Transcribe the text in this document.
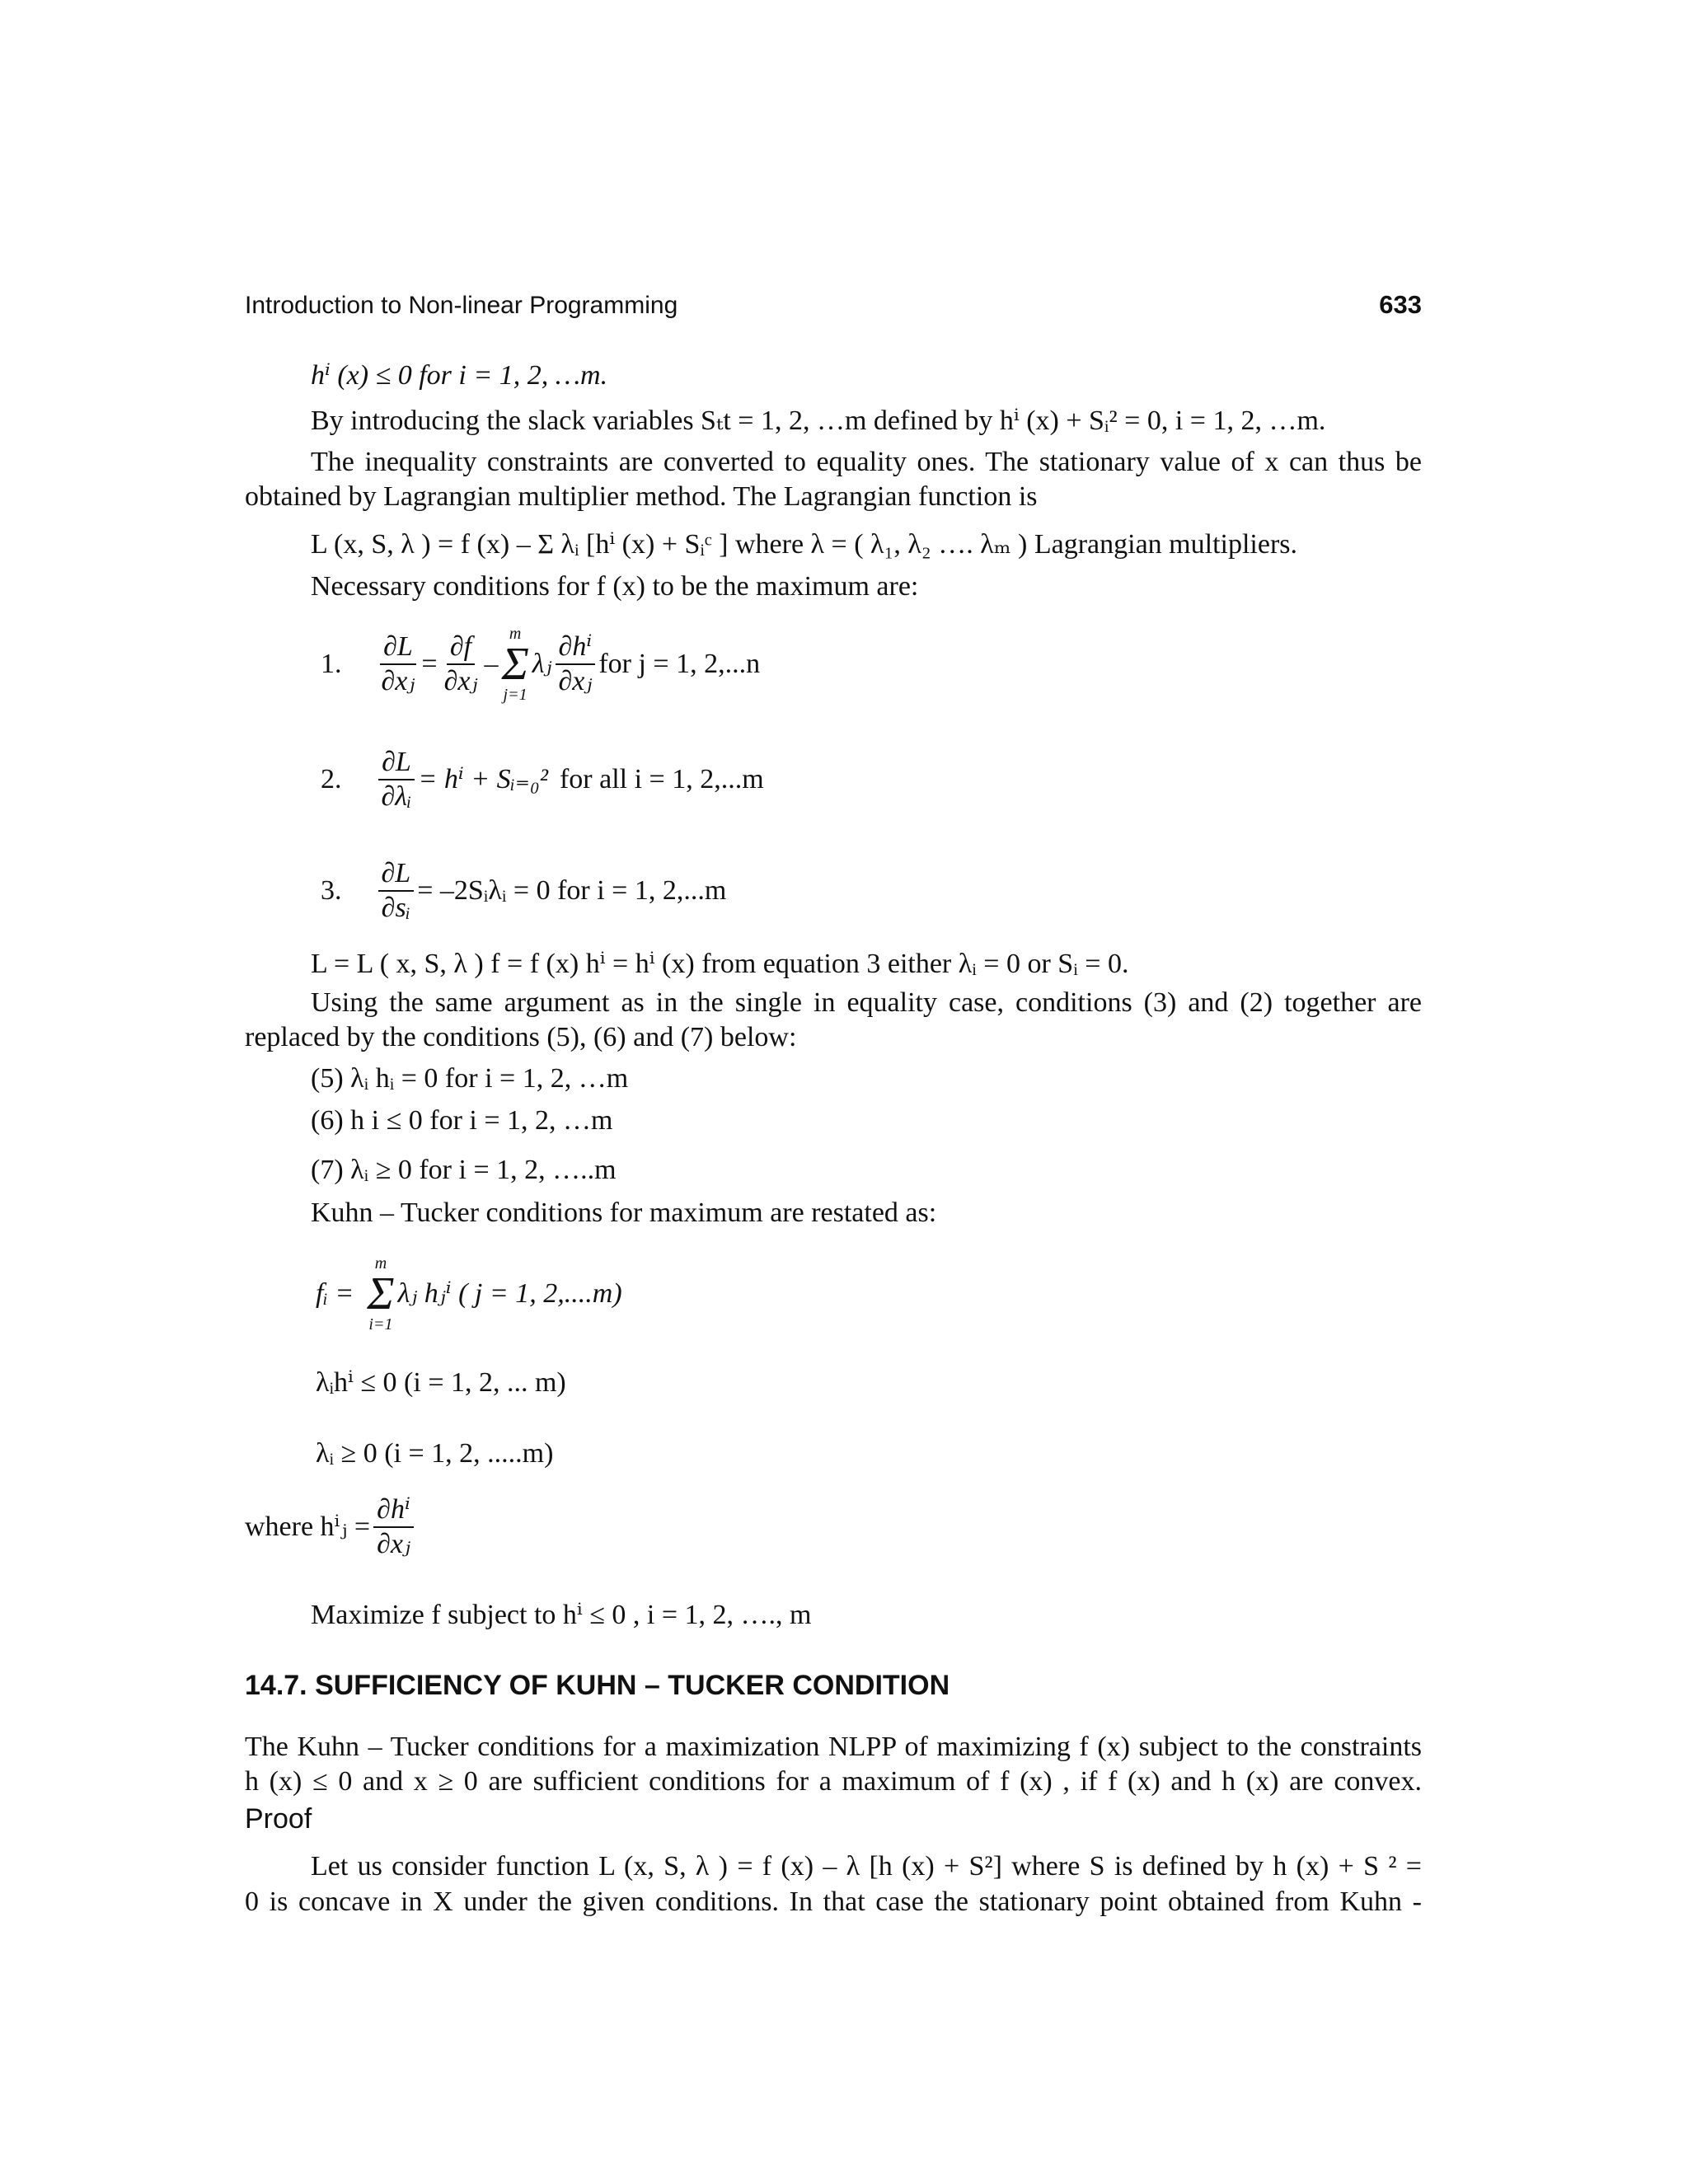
Introduction to Non-linear Programming	633
hⁱ (x) ≤ 0 for i = 1, 2, …m.
By introducing the slack variables Sₜt = 1, 2, …m defined by hⁱ (x) + Sᵢ² = 0, i = 1, 2, …m.
The inequality constraints are converted to equality ones. The stationary value of x can thus be
obtained by Lagrangian multiplier method. The Lagrangian function is
L (x, S, λ ) = f (x) – Σ λᵢ [hⁱ (x) + Sᵢᶜ ] where λ = ( λ₁, λ₂ …. λₘ ) Lagrangian multipliers.
Necessary conditions for f (x) to be the maximum are:
1. $\frac{\partial L}{\text{∂xⱼ}} = \frac{\partial f}{\text{∂xⱼ}}$ –
m
Σ
j=1
λⱼ $\frac{\text{∂hⁱ}}{\text{∂xⱼ}}$ for j = 1, 2,...n
2. $\frac{\partial L}{\text{∂λᵢ}} = h^i$ + Sᵢ₌₀² for all i = 1, 2,...m
3. $\frac{\partial L}{\text{∂sᵢ}}$ = –2Sᵢλᵢ = 0 for i = 1, 2,...m
L = L ( x, S, λ ) f = f (x) hⁱ = hⁱ (x) from equation 3 either λᵢ = 0 or Sᵢ = 0.
Using the same argument as in the single in equality case, conditions (3) and (2) together are
replaced by the conditions (5), (6) and (7) below:
(5) λᵢ hᵢ = 0 for i = 1, 2, …m
(6) h i ≤ 0 for i = 1, 2, …m
(7) λᵢ ≥ 0 for i = 1, 2, …..m
Kuhn – Tucker conditions for maximum are restated as:
fᵢ =
m
Σ
i=1
λⱼ hⱼⁱ ( j = 1, 2,....m)
λᵢhⁱ ≤ 0 (i = 1, 2, ... m)
λᵢ ≥ 0 (i = 1, 2, .....m)
where hⁱⱼ = $\frac{\text{∂hⁱ}}{\text{∂xⱼ}}$
Maximize f subject to hⁱ ≤ 0 , i = 1, 2, …., m
14.7. SUFFICIENCY OF KUHN – TUCKER CONDITION
The Kuhn – Tucker conditions for a maximization NLPP of maximizing f (x) subject to the constraints
h (x) ≤ 0 and x ≥ 0 are sufficient conditions for a maximum of f (x) , if f (x) and h (x) are convex.
Proof
Let us consider function L (x, S, λ ) = f (x) – λ [h (x) + S²] where S is defined by h (x) + S ² =
0 is concave in X under the given conditions. In that case the stationary point obtained from Kuhn -
